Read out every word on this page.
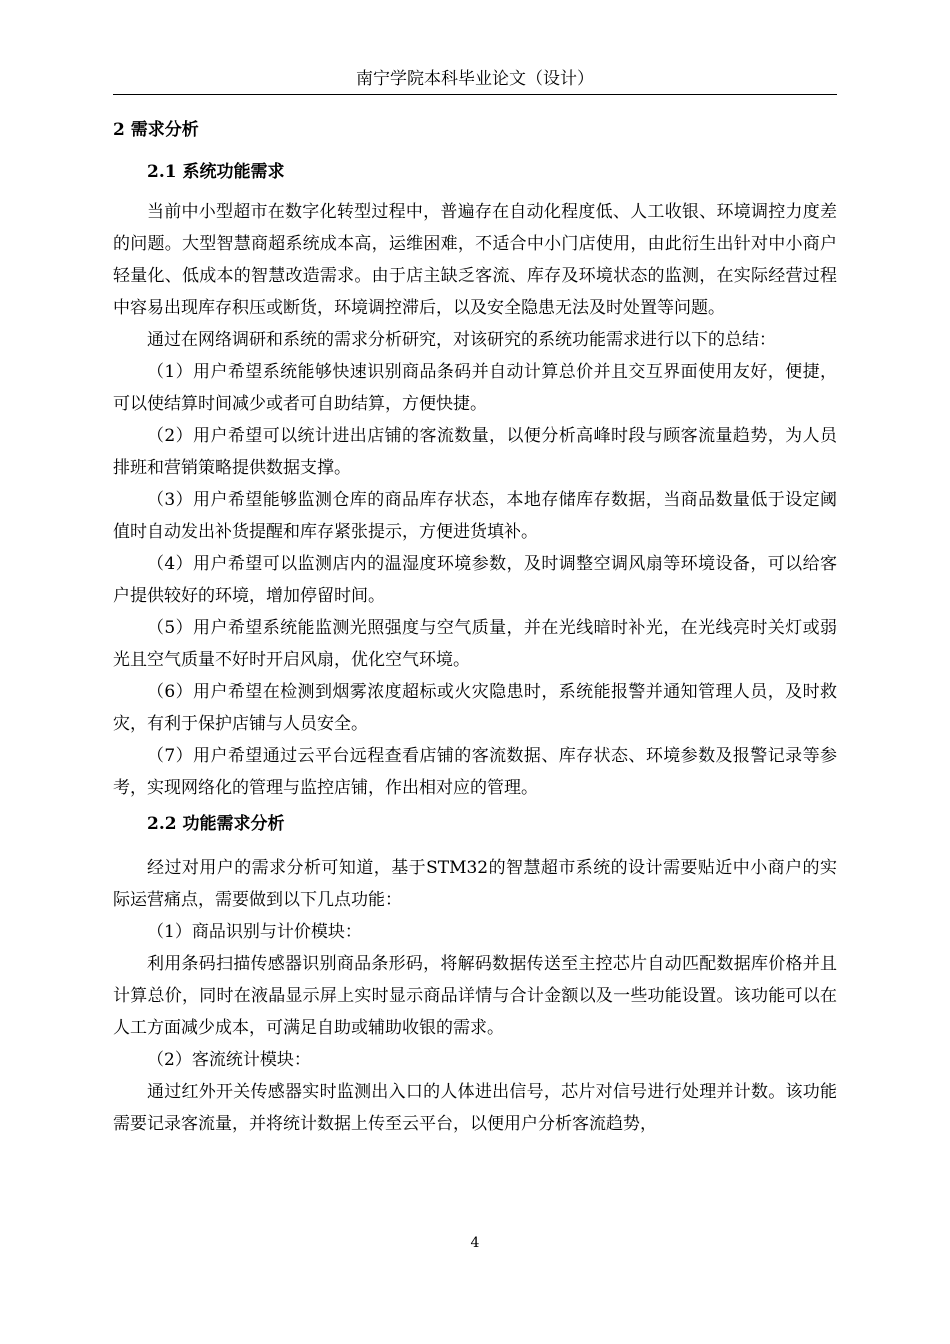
南宁学院本科毕业论文（设计）
2 需求分析
2.1 系统功能需求

当前中小型超市在数字化转型过程中，普遍存在自动化程度低、人工收银、环境调控力度差的问题。大型智慧商超系统成本高，运维困难，不适合中小门店使用，由此衍生出针对中小商户轻量化、低成本的智慧改造需求。由于店主缺乏客流、库存及环境状态的监测，在实际经营过程中容易出现库存积压或断货，环境调控滞后，以及安全隐患无法及时处置等问题。

通过在网络调研和系统的需求分析研究，对该研究的系统功能需求进行以下的总结：

（1）用户希望系统能够快速识别商品条码并自动计算总价并且交互界面使用友好，便捷，可以使结算时间减少或者可自助结算，方便快捷。

（2）用户希望可以统计进出店铺的客流数量，以便分析高峰时段与顾客流量趋势，为人员排班和营销策略提供数据支撑。

（3）用户希望能够监测仓库的商品库存状态，本地存储库存数据，当商品数量低于设定阈值时自动发出补货提醒和库存紧张提示，方便进货填补。

（4）用户希望可以监测店内的温湿度环境参数，及时调整空调风扇等环境设备，可以给客户提供较好的环境，增加停留时间。

（5）用户希望系统能监测光照强度与空气质量，并在光线暗时补光，在光线亮时关灯或弱光且空气质量不好时开启风扇，优化空气环境。

（6）用户希望在检测到烟雾浓度超标或火灾隐患时，系统能报警并通知管理人员，及时救灾，有利于保护店铺与人员安全。

（7）用户希望通过云平台远程查看店铺的客流数据、库存状态、环境参数及报警记录等参考，实现网络化的管理与监控店铺，作出相对应的管理。

2.2 功能需求分析

经过对用户的需求分析可知道，基于STM32的智慧超市系统的设计需要贴近中小商户的实际运营痛点，需要做到以下几点功能：

（1）商品识别与计价模块：

利用条码扫描传感器识别商品条形码，将解码数据传送至主控芯片自动匹配数据库价格并且计算总价，同时在液晶显示屏上实时显示商品详情与合计金额以及一些功能设置。该功能可以在人工方面减少成本，可满足自助或辅助收银的需求。

（2）客流统计模块：

通过红外开关传感器实时监测出入口的人体进出信号，芯片对信号进行处理并计数。该功能需要记录客流量，并将统计数据上传至云平台，以便用户分析客流趋势，

4
